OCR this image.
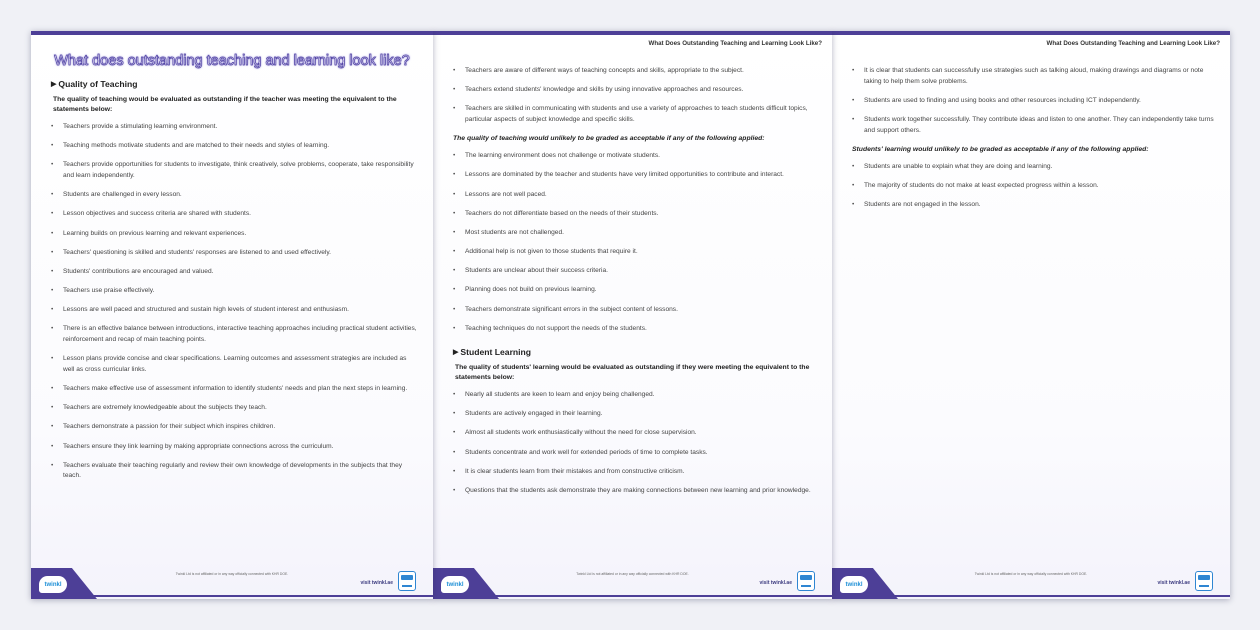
What does outstanding teaching and learning look like?
▶ Quality of Teaching

The quality of teaching would be evaluated as outstanding if the teacher was meeting the equivalent to the statements below:

• Teachers provide a stimulating learning environment.
• Teaching methods motivate students and are matched to their needs and styles of learning.
• Teachers provide opportunities for students to investigate, think creatively, solve problems, cooperate, take responsibility and learn independently.
• Students are challenged in every lesson.
• Lesson objectives and success criteria are shared with students.
• Learning builds on previous learning and relevant experiences.
• Teachers' questioning is skilled and students' responses are listened to and used effectively.
• Students' contributions are encouraged and valued.
• Teachers use praise effectively.
• Lessons are well paced and structured and sustain high levels of student interest and enthusiasm.
• There is an effective balance between introductions, interactive teaching approaches including practical student activities, reinforcement and recap of main teaching points.
• Lesson plans provide concise and clear specifications. Learning outcomes and assessment strategies are included as well as cross curricular links.
• Teachers make effective use of assessment information to identify students' needs and plan the next steps in learning.
• Teachers are extremely knowledgeable about the subjects they teach.
• Teachers demonstrate a passion for their subject which inspires children.
• Teachers ensure they link learning by making appropriate connections across the curriculum.
• Teachers evaluate their teaching regularly and review their own knowledge of developments in the subjects that they teach.
Twinkl Ltd is not affiliated or in any way officially connected with KHR DOE.
twinkl	visit twinkl.ae
What Does Outstanding Teaching and Learning Look Like?
• Teachers are aware of different ways of teaching concepts and skills, appropriate to the subject.
• Teachers extend students' knowledge and skills by using innovative approaches and resources.
• Teachers are skilled in communicating with students and use a variety of approaches to teach students difficult topics, particular aspects of subject knowledge and specific skills.

The quality of teaching would unlikely to be graded as acceptable if any of the following applied:

• The learning environment does not challenge or motivate students.
• Lessons are dominated by the teacher and students have very limited opportunities to contribute and interact.
• Lessons are not well paced.
• Teachers do not differentiate based on the needs of their students.
• Most students are not challenged.
• Additional help is not given to those students that require it.
• Students are unclear about their success criteria.
• Planning does not build on previous learning.
• Teachers demonstrate significant errors in the subject content of lessons.
• Teaching techniques do not support the needs of the students.
▶ Student Learning

The quality of students' learning would be evaluated as outstanding if they were meeting the equivalent to the statements below:

• Nearly all students are keen to learn and enjoy being challenged.
• Students are actively engaged in their learning.
• Almost all students work enthusiastically without the need for close supervision.
• Students concentrate and work well for extended periods of time to complete tasks.
• It is clear students learn from their mistakes and from constructive criticism.
• Questions that the students ask demonstrate they are making connections between new learning and prior knowledge.
Twinkl Ltd is not affiliated or in any way officially connected with KHR DOE.
twinkl	visit twinkl.ae
What Does Outstanding Teaching and Learning Look Like?
• It is clear that students can successfully use strategies such as talking aloud, making drawings and diagrams or note taking to help them solve problems.
• Students are used to finding and using books and other resources including ICT independently.
• Students work together successfully. They contribute ideas and listen to one another. They can independently take turns and support others.

Students' learning would unlikely to be graded as acceptable if any of the following applied:

• Students are unable to explain what they are doing and learning.
• The majority of students do not make at least expected progress within a lesson.
• Students are not engaged in the lesson.
Twinkl Ltd is not affiliated or in any way officially connected with KHR DOE.
twinkl	visit twinkl.ae
